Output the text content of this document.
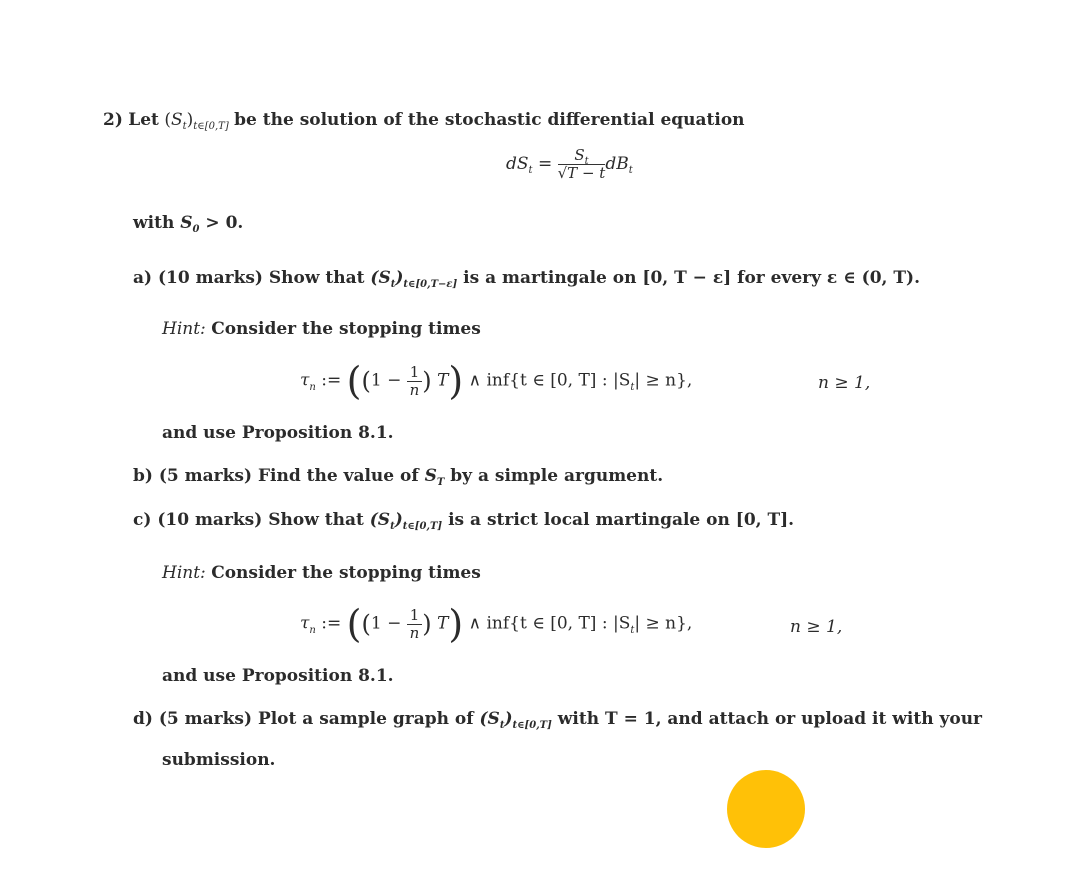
2) Let $(S_t)_{t\in[0,T]}$ be the solution of the stochastic differential equation
$dS_t = \frac{S_t}{√T - t} dB_t$
with $S_0 > 0$.
a) (10 marks) Show that $(S_t)_{t\in[0,T-\varepsilon]}$ is a martingale on [0, T − ε] for every ε ∈ (0, T).
Hint: Consider the stopping times
$\tau_n$ := (($1 - \frac{1}{n}$ ) T) ∧ inf{t ∈ [0, T] : $|S_t| \ge n$},	n ≥ 1,
and use Proposition 8.1.
b) (5 marks) Find the value of $S_T$ by a simple argument.
c) (10 marks) Show that $(S_t)_{t\in[0,T]}$ is a strict local martingale on [0, T].
Hint: Consider the stopping times
$\tau_n$ := (($1 - \frac{1}{n}$ ) T) ∧ inf{t ∈ [0, T] : $|S_t| \ge n$},	n ≥ 1,
and use Proposition 8.1.
d) (5 marks) Plot a sample graph of $(S_t)_{t\in[0,T]}$ with T = 1, and attach or upload it with your
submission.
